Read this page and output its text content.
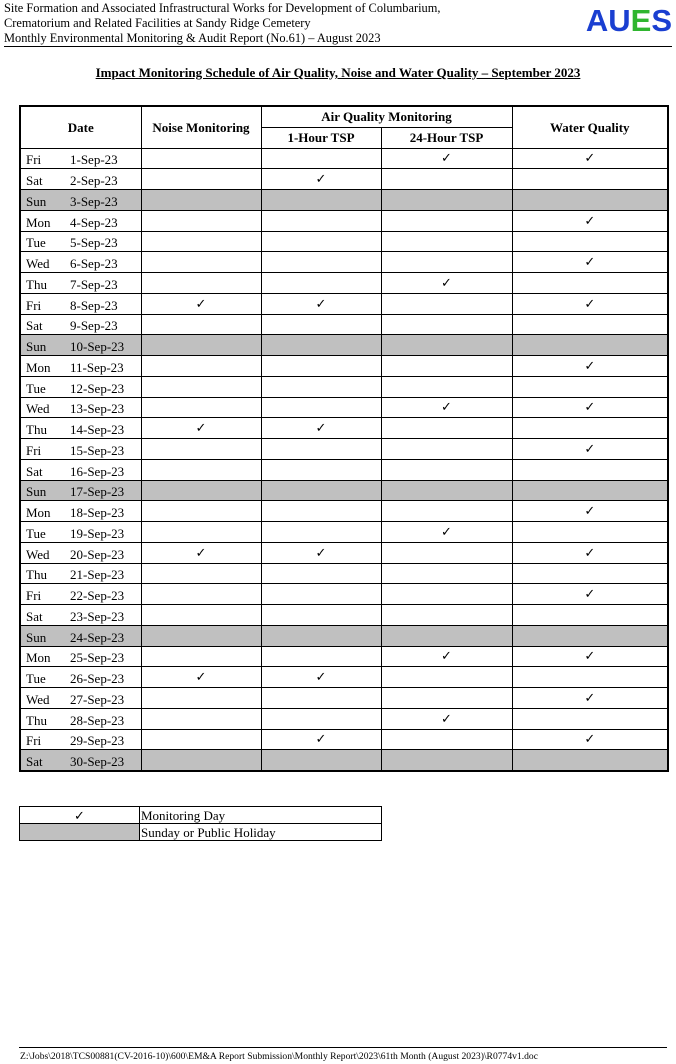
Site Formation and Associated Infrastructural Works for Development of Columbarium,
Crematorium and Related Facilities at Sandy Ridge Cemetery
Monthly Environmental Monitoring & Audit Report (No.61) – August 2023
AUES
Impact Monitoring Schedule of Air Quality, Noise and Water Quality – September 2023
Date		Noise Monitoring	Air Quality Monitoring		Water Quality
			1-Hour TSP	24-Hour TSP	
Fri	1-Sep-23			✓	✓
Sat	2-Sep-23		✓		
Sun	3-Sep-23				
Mon	4-Sep-23				✓
Tue	5-Sep-23				
Wed	6-Sep-23				✓
Thu	7-Sep-23			✓	
Fri	8-Sep-23	✓	✓		✓
Sat	9-Sep-23				
Sun	10-Sep-23				
Mon	11-Sep-23				✓
Tue	12-Sep-23				
Wed	13-Sep-23			✓	✓
Thu	14-Sep-23	✓	✓		
Fri	15-Sep-23				✓
Sat	16-Sep-23				
Sun	17-Sep-23				
Mon	18-Sep-23				✓
Tue	19-Sep-23			✓	
Wed	20-Sep-23	✓	✓		✓
Thu	21-Sep-23				
Fri	22-Sep-23				✓
Sat	23-Sep-23				
Sun	24-Sep-23				
Mon	25-Sep-23			✓	✓
Tue	26-Sep-23	✓	✓		
Wed	27-Sep-23				✓
Thu	28-Sep-23			✓	
Fri	29-Sep-23		✓		✓
Sat	30-Sep-23				
✓	Monitoring Day
	Sunday or Public Holiday
Z:\Jobs\2018\TCS00881(CV-2016-10)\600\EM&A Report Submission\Monthly Report\2023\61th Month (August 2023)\R0774v1.doc
